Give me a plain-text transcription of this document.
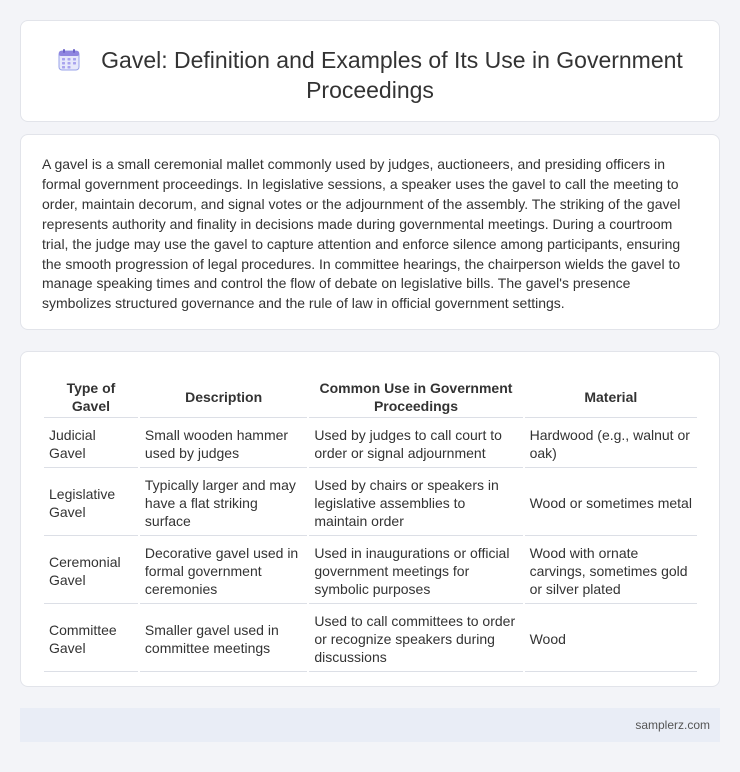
Gavel: Definition and Examples of Its Use in Government Proceedings

A gavel is a small ceremonial mallet commonly used by judges, auctioneers, and presiding officers in formal government proceedings. In legislative sessions, a speaker uses the gavel to call the meeting to order, maintain decorum, and signal votes or the adjournment of the assembly. The striking of the gavel represents authority and finality in decisions made during governmental meetings. During a courtroom trial, the judge may use the gavel to capture attention and enforce silence among participants, ensuring the smooth progression of legal procedures. In committee hearings, the chairperson wields the gavel to manage speaking times and control the flow of debate on legislative bills. The gavel's presence symbolizes structured governance and the rule of law in official government settings.

Type of Gavel	Description	Common Use in Government Proceedings	Material
Judicial Gavel	Small wooden hammer used by judges	Used by judges to call court to order or signal adjournment	Hardwood (e.g., walnut or oak)
Legislative Gavel	Typically larger and may have a flat striking surface	Used by chairs or speakers in legislative assemblies to maintain order	Wood or sometimes metal
Ceremonial Gavel	Decorative gavel used in formal government ceremonies	Used in inaugurations or official government meetings for symbolic purposes	Wood with ornate carvings, sometimes gold or silver plated
Committee Gavel	Smaller gavel used in committee meetings	Used to call committees to order or recognize speakers during discussions	Wood
samplerz.com
